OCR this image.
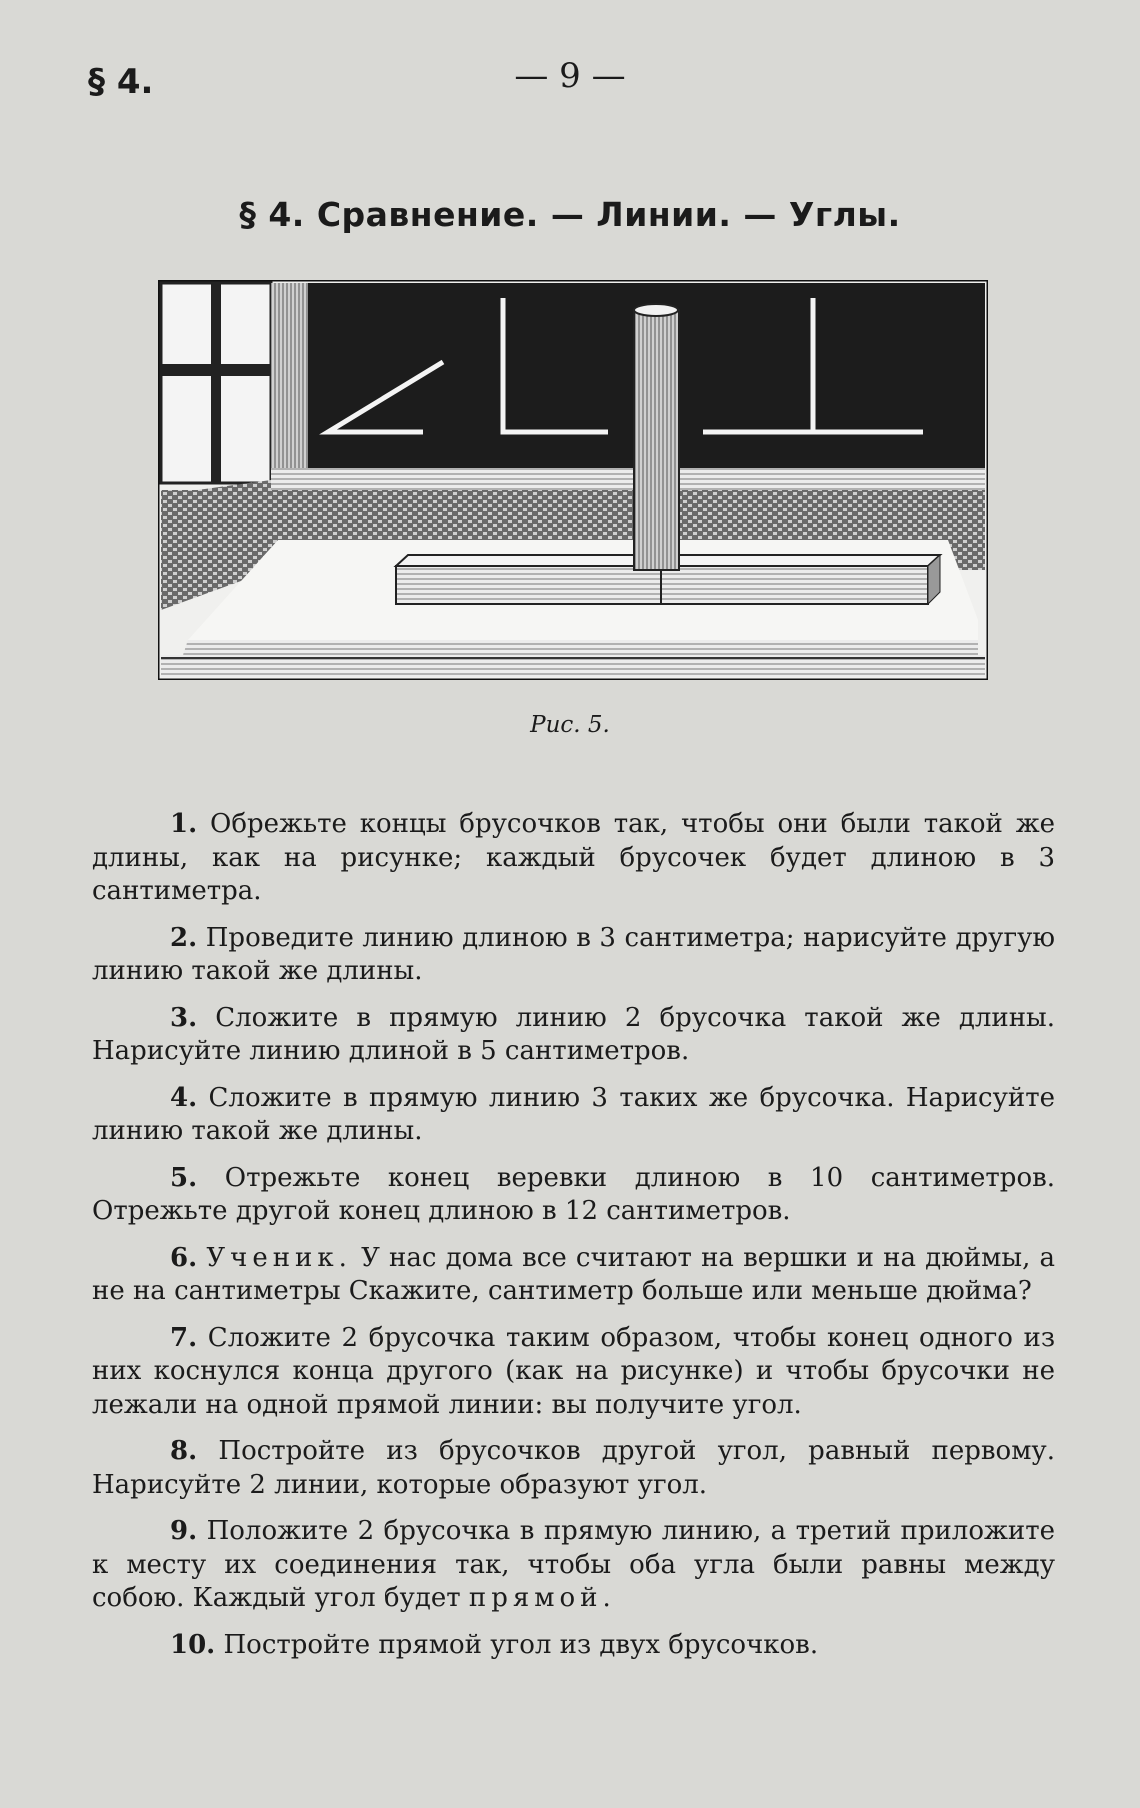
§ 4.	— 9 —
§ 4. Сравнение. — Линии. — Углы.
Рис. 5.
1. Обрежьте концы брусочков так, чтобы они были такой же длины, как на рисунке; каждый брусочек будет длиною в 3 сантиметра.
2. Проведите линию длиною в 3 сантиметра; нарисуйте другую линию такой же длины.
3. Сложите в прямую линию 2 брусочка такой же длины. Нарисуйте линию длиной в 5 сантиметров.
4. Сложите в прямую линию 3 таких же брусочка. Нарисуйте линию такой же длины.
5. Отрежьте конец веревки длиною в 10 сантиметров. Отрежьте другой конец длиною в 12 сантиметров.
6. Ученик. У нас дома все считают на вершки и на дюймы, а не на сантиметры Скажите, сантиметр больше или меньше дюйма?
7. Сложите 2 брусочка таким образом, чтобы конец одного из них коснулся конца другого (как на рисунке) и чтобы брусочки не лежали на одной прямой линии: вы получите угол.
8. Постройте из брусочков другой угол, равный первому. Нарисуйте 2 линии, которые образуют угол.
9. Положите 2 брусочка в прямую линию, а третий приложите к месту их соединения так, чтобы оба угла были равны между собою. Каждый угол будет прямой.
10. Постройте прямой угол из двух брусочков.
